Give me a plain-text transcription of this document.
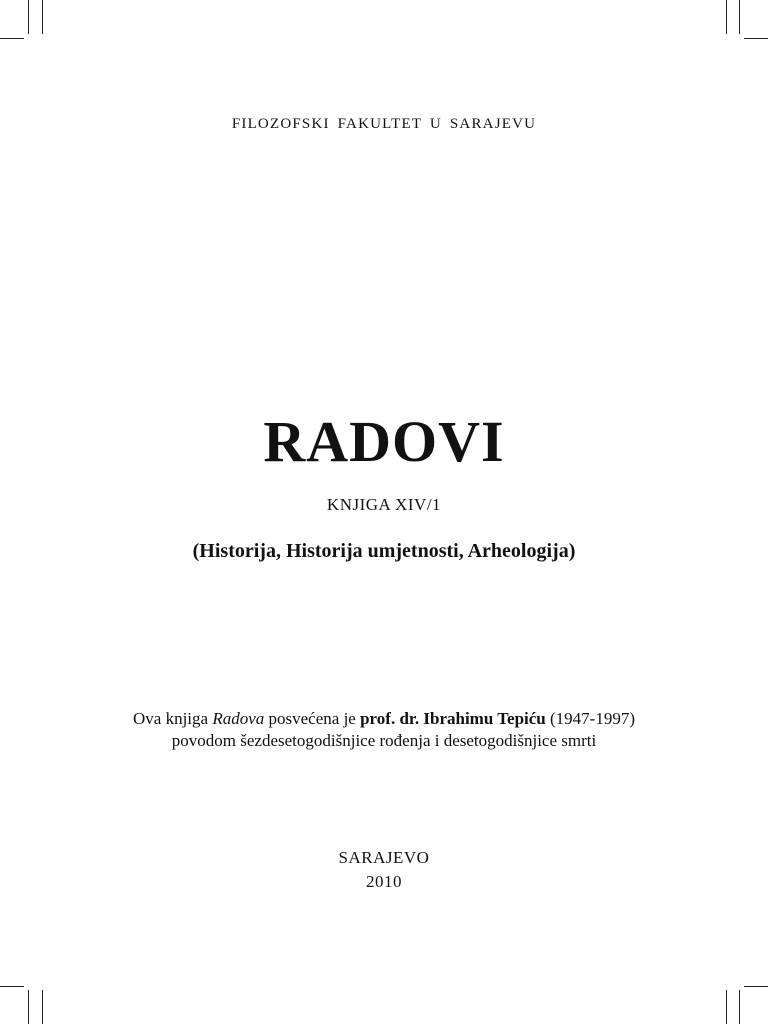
FILOZOFSKI FAKULTET U SARAJEVU
RADOVI
KNJIGA XIV/1
(Historija, Historija umjetnosti, Arheologija)
Ova knjiga Radova posvećena je prof. dr. Ibrahimu Tepiću (1947-1997)
povodom šezdesetogodišnjice rođenja i desetogodišnjice smrti
SARAJEVO
2010
